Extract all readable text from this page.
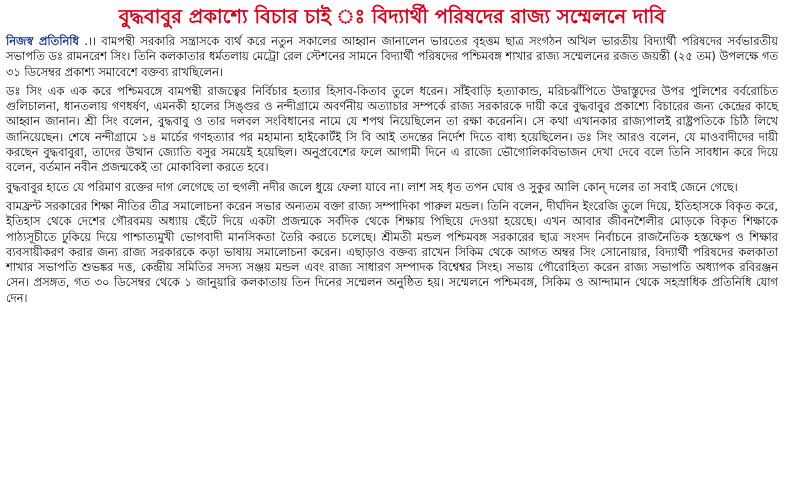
বুদ্ধবাবুর প্রকাশ্যে বিচার চাই ঃ বিদ্যার্থী পরিষদের রাজ্য সম্মেলনে দাবি

নিজস্ব প্রতিনিধি .।। বামপন্থী সরকারি সন্ত্রাসকে ব্যর্থ করে নতুন সকালের আহ্বান জানালেন ভারতের বৃহত্তম ছাত্র সংগঠন অখিল ভারতীয় বিদ্যার্থী পরিষদের সর্বভারতীয় সভাপতি ডঃ রামনরেশ সিং। তিনি কলকাতার ধর্মতলায় মেট্রো রেল স্টেশনের সামনে বিদ্যার্থী পরিষদের পশ্চিমবঙ্গ শাখার রাজ্য সম্মেলনের রজত জয়ন্তী (২৫ তম) উপলক্ষে গত ৩১ ডিসেম্বর প্রকাশ্য সমাবেশে বক্তব্য রাখছিলেন।

ডঃ সিং এক এক করে পশ্চিমবঙ্গে বামপন্থী রাজত্বের নির্বিচার হত্যার হিসাব-কিতাব তুলে ধরেন। সাঁইবাড়ি হত্যাকান্ড, মরিচঝাঁপিতে উদ্বাস্তুদের উপর পুলিশের বর্বরোচিত গুলিচালনা, ধানতলায় গণধর্ষণ, এমনকী হালের সিঙ্গুর ও নন্দীগ্রামে অবর্ণনীয় অত্যাচার সম্পর্কে রাজ্য সরকারকে দায়ী করে বুদ্ধবাবুর প্রকাশ্যে বিচারের জন্য কেন্দ্রের কাছে আহ্বান জানান। শ্রী সিং বলেন, বুদ্ধবাবু ও তার দলবল সংবিধানের নামে যে শপথ নিয়েছিলেন তা রক্ষা করেননি। সে কথা এখানকার রাজ্যপালই রাষ্ট্রপতিকে চিঠি লিখে জানিয়েছেন। শেষে নন্দীগ্রামে ১৪ মার্চের গণহত্যার পর মহামান্য হাইকোর্টই সি বি আই তদন্তের নির্দেশ দিতে বাধ্য হয়েছিলেন। ডঃ সিং আরও বলেন, যে মাওবাদীদের দায়ী করছেন বুদ্ধবাবুরা, তাদের উত্থান জ্যোতি বসুর সময়েই হয়েছিল। অনুপ্রবেশের ফলে আগামী দিনে এ রাজ্যে ভৌগোলিকবিভাজন দেখা দেবে বলে তিনি সাবধান করে দিয়ে বলেন, বর্তমান নবীন প্রজন্মকেই তা মোকাবিলা করতে হবে।

বুদ্ধবাবুর হাতে যে পরিমাণ রক্তের দাগ লেগেছে তা হুগলী নদীর জলে ধুয়ে ফেলা যাবে না। লাশ সহ ধৃত তপন ঘোষ ও সুকুর আলি কোন্ দলের তা সবাই জেনে গেছে।

বামফ্রন্ট সরকারের শিক্ষা নীতির তীব্র সমালোচনা করেন সভার অন্যতম বক্তা রাজ্য সম্পাদিকা পারুল মন্ডল। তিনি বলেন, দীর্ঘদিন ইংরেজি তুলে দিয়ে, ইতিহাসকে বিকৃত করে, ইতিহাস থেকে দেশের গৌরবময় অধ্যায় ছেঁটে দিয়ে একটা প্রজন্মকে সর্বদিক থেকে শিক্ষায় পিছিয়ে দেওয়া হয়েছে। এখন আবার জীবনশৈলীর মোড়কে বিকৃত শিক্ষাকে পাঠ্যসূচীতে ঢুকিয়ে দিয়ে পাশ্চাত্যমুখী ভোগবাদী মানসিকতা তৈরি করতে চলেছে। শ্রীমতী মন্ডল পশ্চিমবঙ্গ সরকারের ছাত্র সংসদ নির্বাচনে রাজনৈতিক হস্তক্ষেপ ও শিক্ষার ব্যবসায়ীকরণ করার জন্য রাজ্য সরকারকে কড়া ভাষায় সমালোচনা করেন। এছাড়াও বক্তব্য রাখেন সিকিম থেকে আগত অম্বর সিং সোনোয়ার, বিদ্যার্থী পরিষদের কলকাতা শাখার সভাপতি শুভঙ্কর দত্ত, কেন্দ্রীয় সমিতির সদস্য সঞ্জয় মন্ডল এবং রাজ্য সাধারণ সম্পাদক বিশ্বেশ্বর সিংহ। সভায় পৌরোহিত্য করেন রাজ্য সভাপতি অধ্যাপক রবিরঞ্জন সেন। প্রসঙ্গত, গত ৩০ ডিসেম্বর থেকে ১ জানুয়ারি কলকাতায় তিন দিনের সম্মেলন অনুষ্ঠিত হয়। সম্মেলনে পশ্চিমবঙ্গ, সিকিম ও আন্দামান থেকে সহস্রাধিক প্রতিনিধি যোগ দেন।
